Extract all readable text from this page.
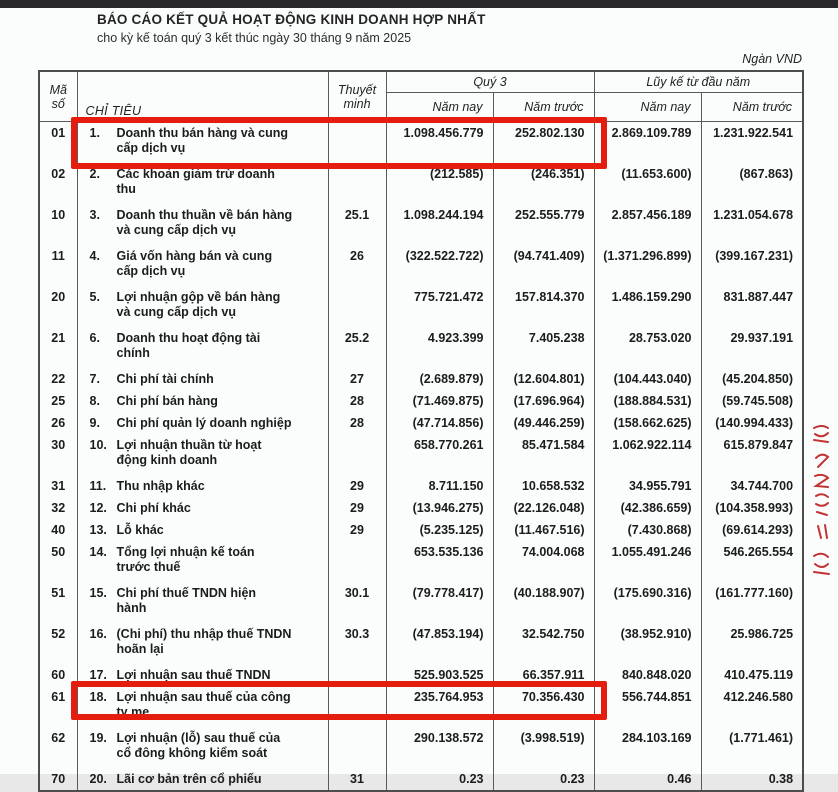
BÁO CÁO KẾT QUẢ HOẠT ĐỘNG KINH DOANH HỢP NHẤT
cho kỳ kế toán quý 3 kết thúc ngày 30 tháng 9 năm 2025
Ngàn VND
Mã số	CHỈ TIÊU	Thuyết minh	Quý 3		Lũy kế từ đầu năm	
			Năm nay	Năm trước	Năm nay	Năm trước
01	1. Doanh thu bán hàng và cung
cấp dịch vụ		1.098.456.779	252.802.130	2.869.109.789	1.231.922.541
02	2. Các khoản giảm trừ doanh
thu		(212.585)	(246.351)	(11.653.600)	(867.863)
10	3. Doanh thu thuần về bán hàng
và cung cấp dịch vụ	25.1	1.098.244.194	252.555.779	2.857.456.189	1.231.054.678
11	4. Giá vốn hàng bán và cung
cấp dịch vụ	26	(322.522.722)	(94.741.409)	(1.371.296.899)	(399.167.231)
20	5. Lợi nhuận gộp về bán hàng
và cung cấp dịch vụ		775.721.472	157.814.370	1.486.159.290	831.887.447
21	6. Doanh thu hoạt động tài
chính	25.2	4.923.399	7.405.238	28.753.020	29.937.191
22	7. Chi phí tài chính	27	(2.689.879)	(12.604.801)	(104.443.040)	(45.204.850)
25	8. Chi phí bán hàng	28	(71.469.875)	(17.696.964)	(188.884.531)	(59.745.508)
26	9. Chi phí quản lý doanh nghiệp	28	(47.714.856)	(49.446.259)	(158.662.625)	(140.994.433)
30	10. Lợi nhuận thuần từ hoạt
động kinh doanh		658.770.261	85.471.584	1.062.922.114	615.879.847
31	11. Thu nhập khác	29	8.711.150	10.658.532	34.955.791	34.744.700
32	12. Chi phí khác	29	(13.946.275)	(22.126.048)	(42.386.659)	(104.358.993)
40	13. Lỗ khác	29	(5.235.125)	(11.467.516)	(7.430.868)	(69.614.293)
50	14. Tổng lợi nhuận kế toán
trước thuế		653.535.136	74.004.068	1.055.491.246	546.265.554
51	15. Chi phí thuế TNDN hiện
hành	30.1	(79.778.417)	(40.188.907)	(175.690.316)	(161.777.160)
52	16. (Chi phí) thu nhập thuế TNDN
hoãn lại	30.3	(47.853.194)	32.542.750	(38.952.910)	25.986.725
60	17. Lợi nhuận sau thuế TNDN		525.903.525	66.357.911	840.848.020	410.475.119
61	18. Lợi nhuận sau thuế của công
ty mẹ		235.764.953	70.356.430	556.744.851	412.246.580
62	19. Lợi nhuận (lỗ) sau thuế của
cổ đông không kiểm soát		290.138.572	(3.998.519)	284.103.169	(1.771.461)
70	20. Lãi cơ bản trên cổ phiếu	31	0.23	0.23	0.46	0.38
